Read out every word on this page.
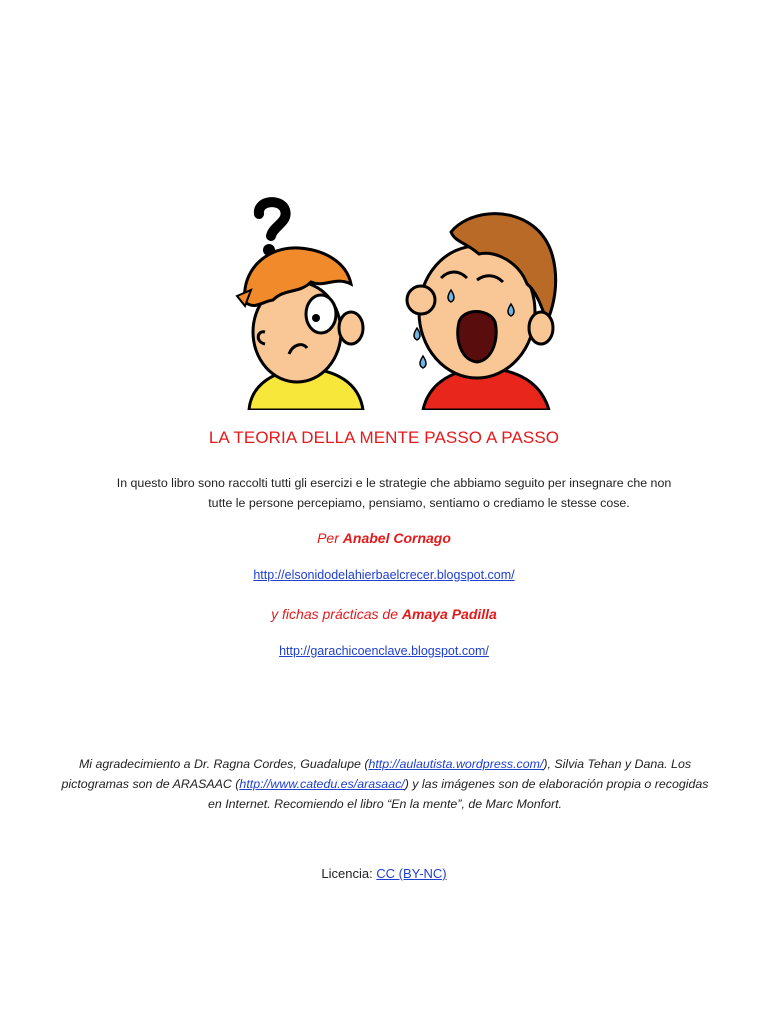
LA TEORIA DELLA MENTE PASSO A PASSO
In questo libro sono raccolti tutti gli esercizi e le strategie che abbiamo seguito per insegnare che non
tutte le persone percepiamo, pensiamo, sentiamo o crediamo le stesse cose.
Per Anabel Cornago
http://elsonidodelahierbaelcrecer.blogspot.com/
y fichas prácticas de Amaya Padilla
http://garachicoenclave.blogspot.com/
Mi agradecimiento a Dr. Ragna Cordes, Guadalupe (http://aulautista.wordpress.com/), Silvia Tehan y Dana. Los pictogramas son de ARASAAC (http://www.catedu.es/arasaac/) y las imágenes son de elaboración propia o recogidas en Internet. Recomiendo el libro “En la mente”, de Marc Monfort.
Licencia: CC (BY-NC)
